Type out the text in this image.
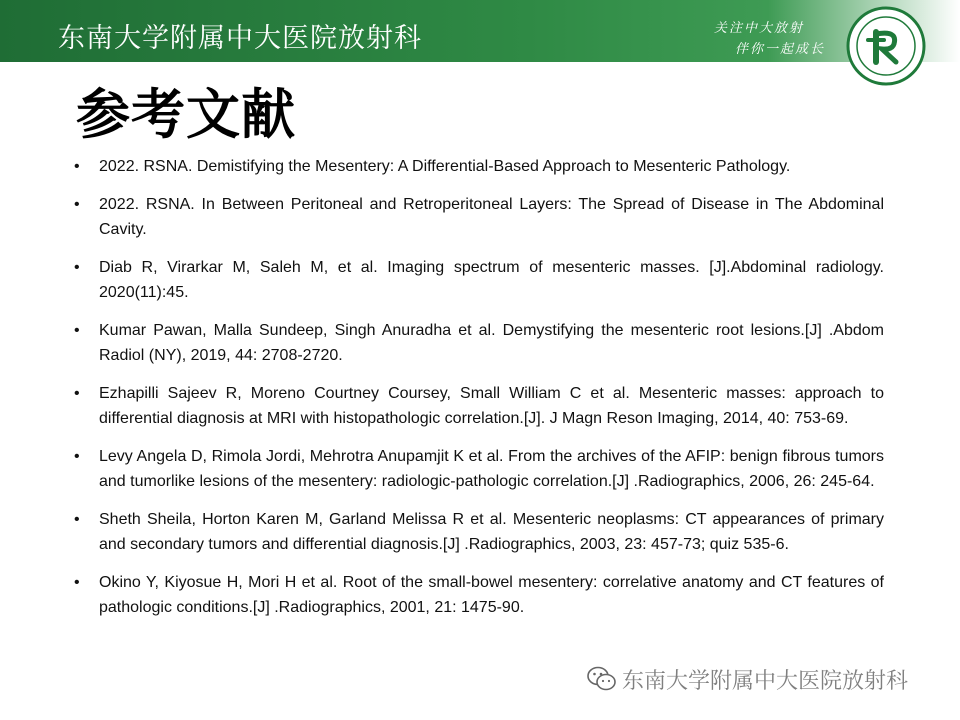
东南大学附属中大医院放射科	关注中大放射
伴你一起成长
参考文献
• 2022. RSNA. Demistifying the Mesentery: A Differential-Based Approach to Mesenteric Pathology.
• 2022. RSNA. In Between Peritoneal and Retroperitoneal Layers: The Spread of Disease in The Abdominal Cavity.
• Diab R, Virarkar M, Saleh M, et al. Imaging spectrum of mesenteric masses. [J].Abdominal radiology. 2020(11):45.
• Kumar Pawan, Malla Sundeep, Singh Anuradha et al. Demystifying the mesenteric root lesions.[J] .Abdom Radiol (NY), 2019, 44: 2708-2720.
• Ezhapilli Sajeev R, Moreno Courtney Coursey, Small William C et al. Mesenteric masses: approach to differential diagnosis at MRI with histopathologic correlation.[J]. J Magn Reson Imaging, 2014, 40: 753-69.
• Levy Angela D, Rimola Jordi, Mehrotra Anupamjit K et al. From the archives of the AFIP: benign fibrous tumors and tumorlike lesions of the mesentery: radiologic-pathologic correlation.[J] .Radiographics, 2006, 26: 245-64.
• Sheth Sheila, Horton Karen M, Garland Melissa R et al. Mesenteric neoplasms: CT appearances of primary and secondary tumors and differential diagnosis.[J] .Radiographics, 2003, 23: 457-73; quiz 535-6.
• Okino Y, Kiyosue H, Mori H et al. Root of the small-bowel mesentery: correlative anatomy and CT features of pathologic conditions.[J] .Radiographics, 2001, 21: 1475-90.
东南大学附属中大医院放射科
